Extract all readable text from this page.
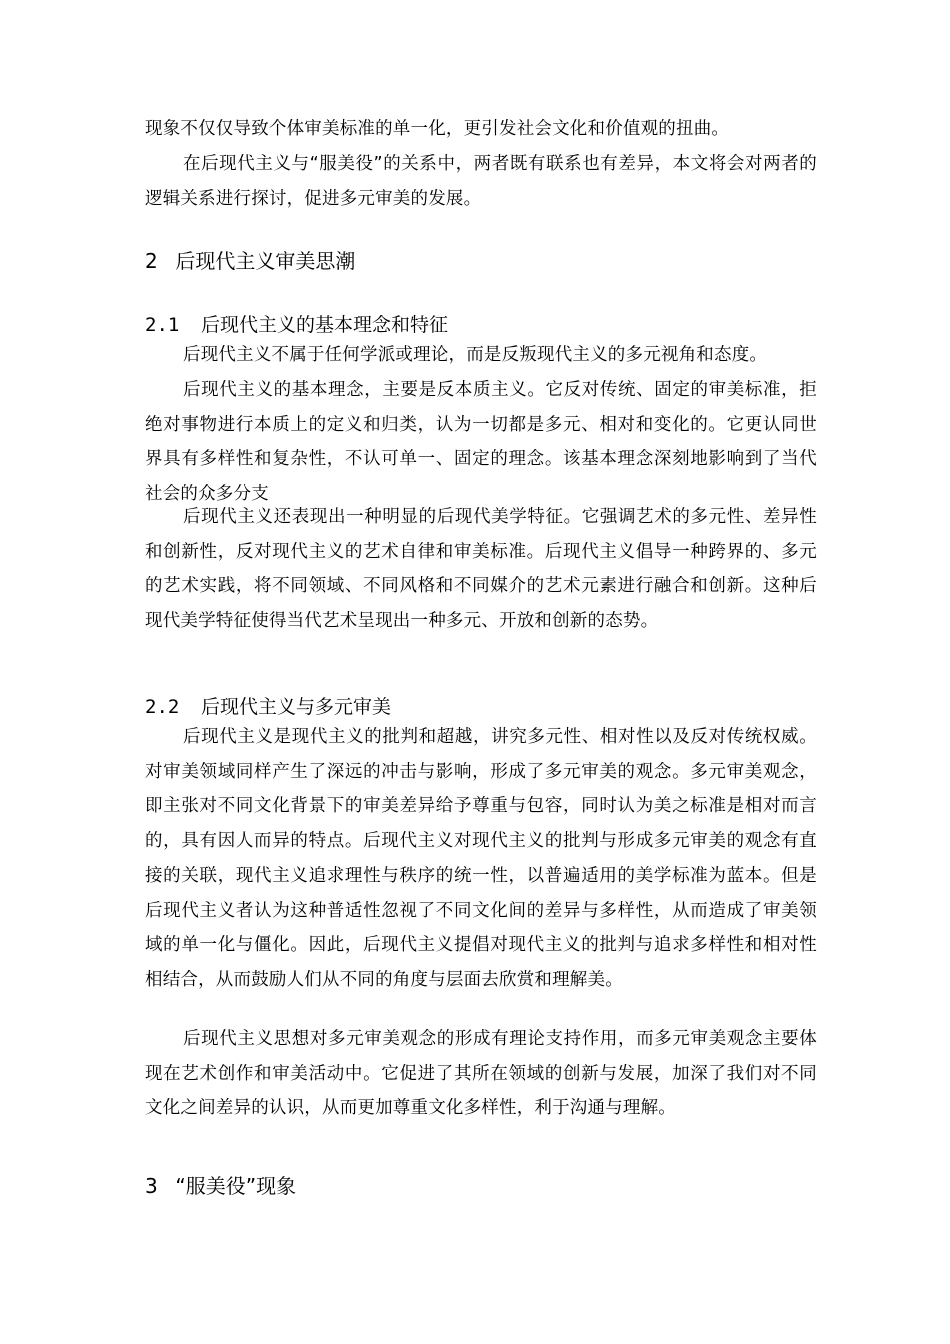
现象不仅仅导致个体审美标准的单一化，更引发社会文化和价值观的扭曲。

在后现代主义与“服美役”的关系中，两者既有联系也有差异，本文将会对两者的逻辑关系进行探讨，促进多元审美的发展。

2 后现代主义审美思潮
2.1 后现代主义的基本理念和特征

后现代主义不属于任何学派或理论，而是反叛现代主义的多元视角和态度。

后现代主义的基本理念，主要是反本质主义。它反对传统、固定的审美标准，拒绝对事物进行本质上的定义和归类，认为一切都是多元、相对和变化的。它更认同世界具有多样性和复杂性，不认可单一、固定的理念。该基本理念深刻地影响到了当代社会的众多分支

后现代主义还表现出一种明显的后现代美学特征。它强调艺术的多元性、差异性和创新性，反对现代主义的艺术自律和审美标准。后现代主义倡导一种跨界的、多元的艺术实践，将不同领域、不同风格和不同媒介的艺术元素进行融合和创新。这种后现代美学特征使得当代艺术呈现出一种多元、开放和创新的态势。

2.2 后现代主义与多元审美

后现代主义是现代主义的批判和超越，讲究多元性、相对性以及反对传统权威。对审美领域同样产生了深远的冲击与影响，形成了多元审美的观念。多元审美观念，即主张对不同文化背景下的审美差异给予尊重与包容，同时认为美之标准是相对而言的，具有因人而异的特点。后现代主义对现代主义的批判与形成多元审美的观念有直接的关联，现代主义追求理性与秩序的统一性，以普遍适用的美学标准为蓝本。但是后现代主义者认为这种普适性忽视了不同文化间的差异与多样性，从而造成了审美领域的单一化与僵化。因此，后现代主义提倡对现代主义的批判与追求多样性和相对性相结合，从而鼓励人们从不同的角度与层面去欣赏和理解美。

后现代主义思想对多元审美观念的形成有理论支持作用，而多元审美观念主要体现在艺术创作和审美活动中。它促进了其所在领域的创新与发展，加深了我们对不同文化之间差异的认识，从而更加尊重文化多样性，利于沟通与理解。

3 “服美役”现象
